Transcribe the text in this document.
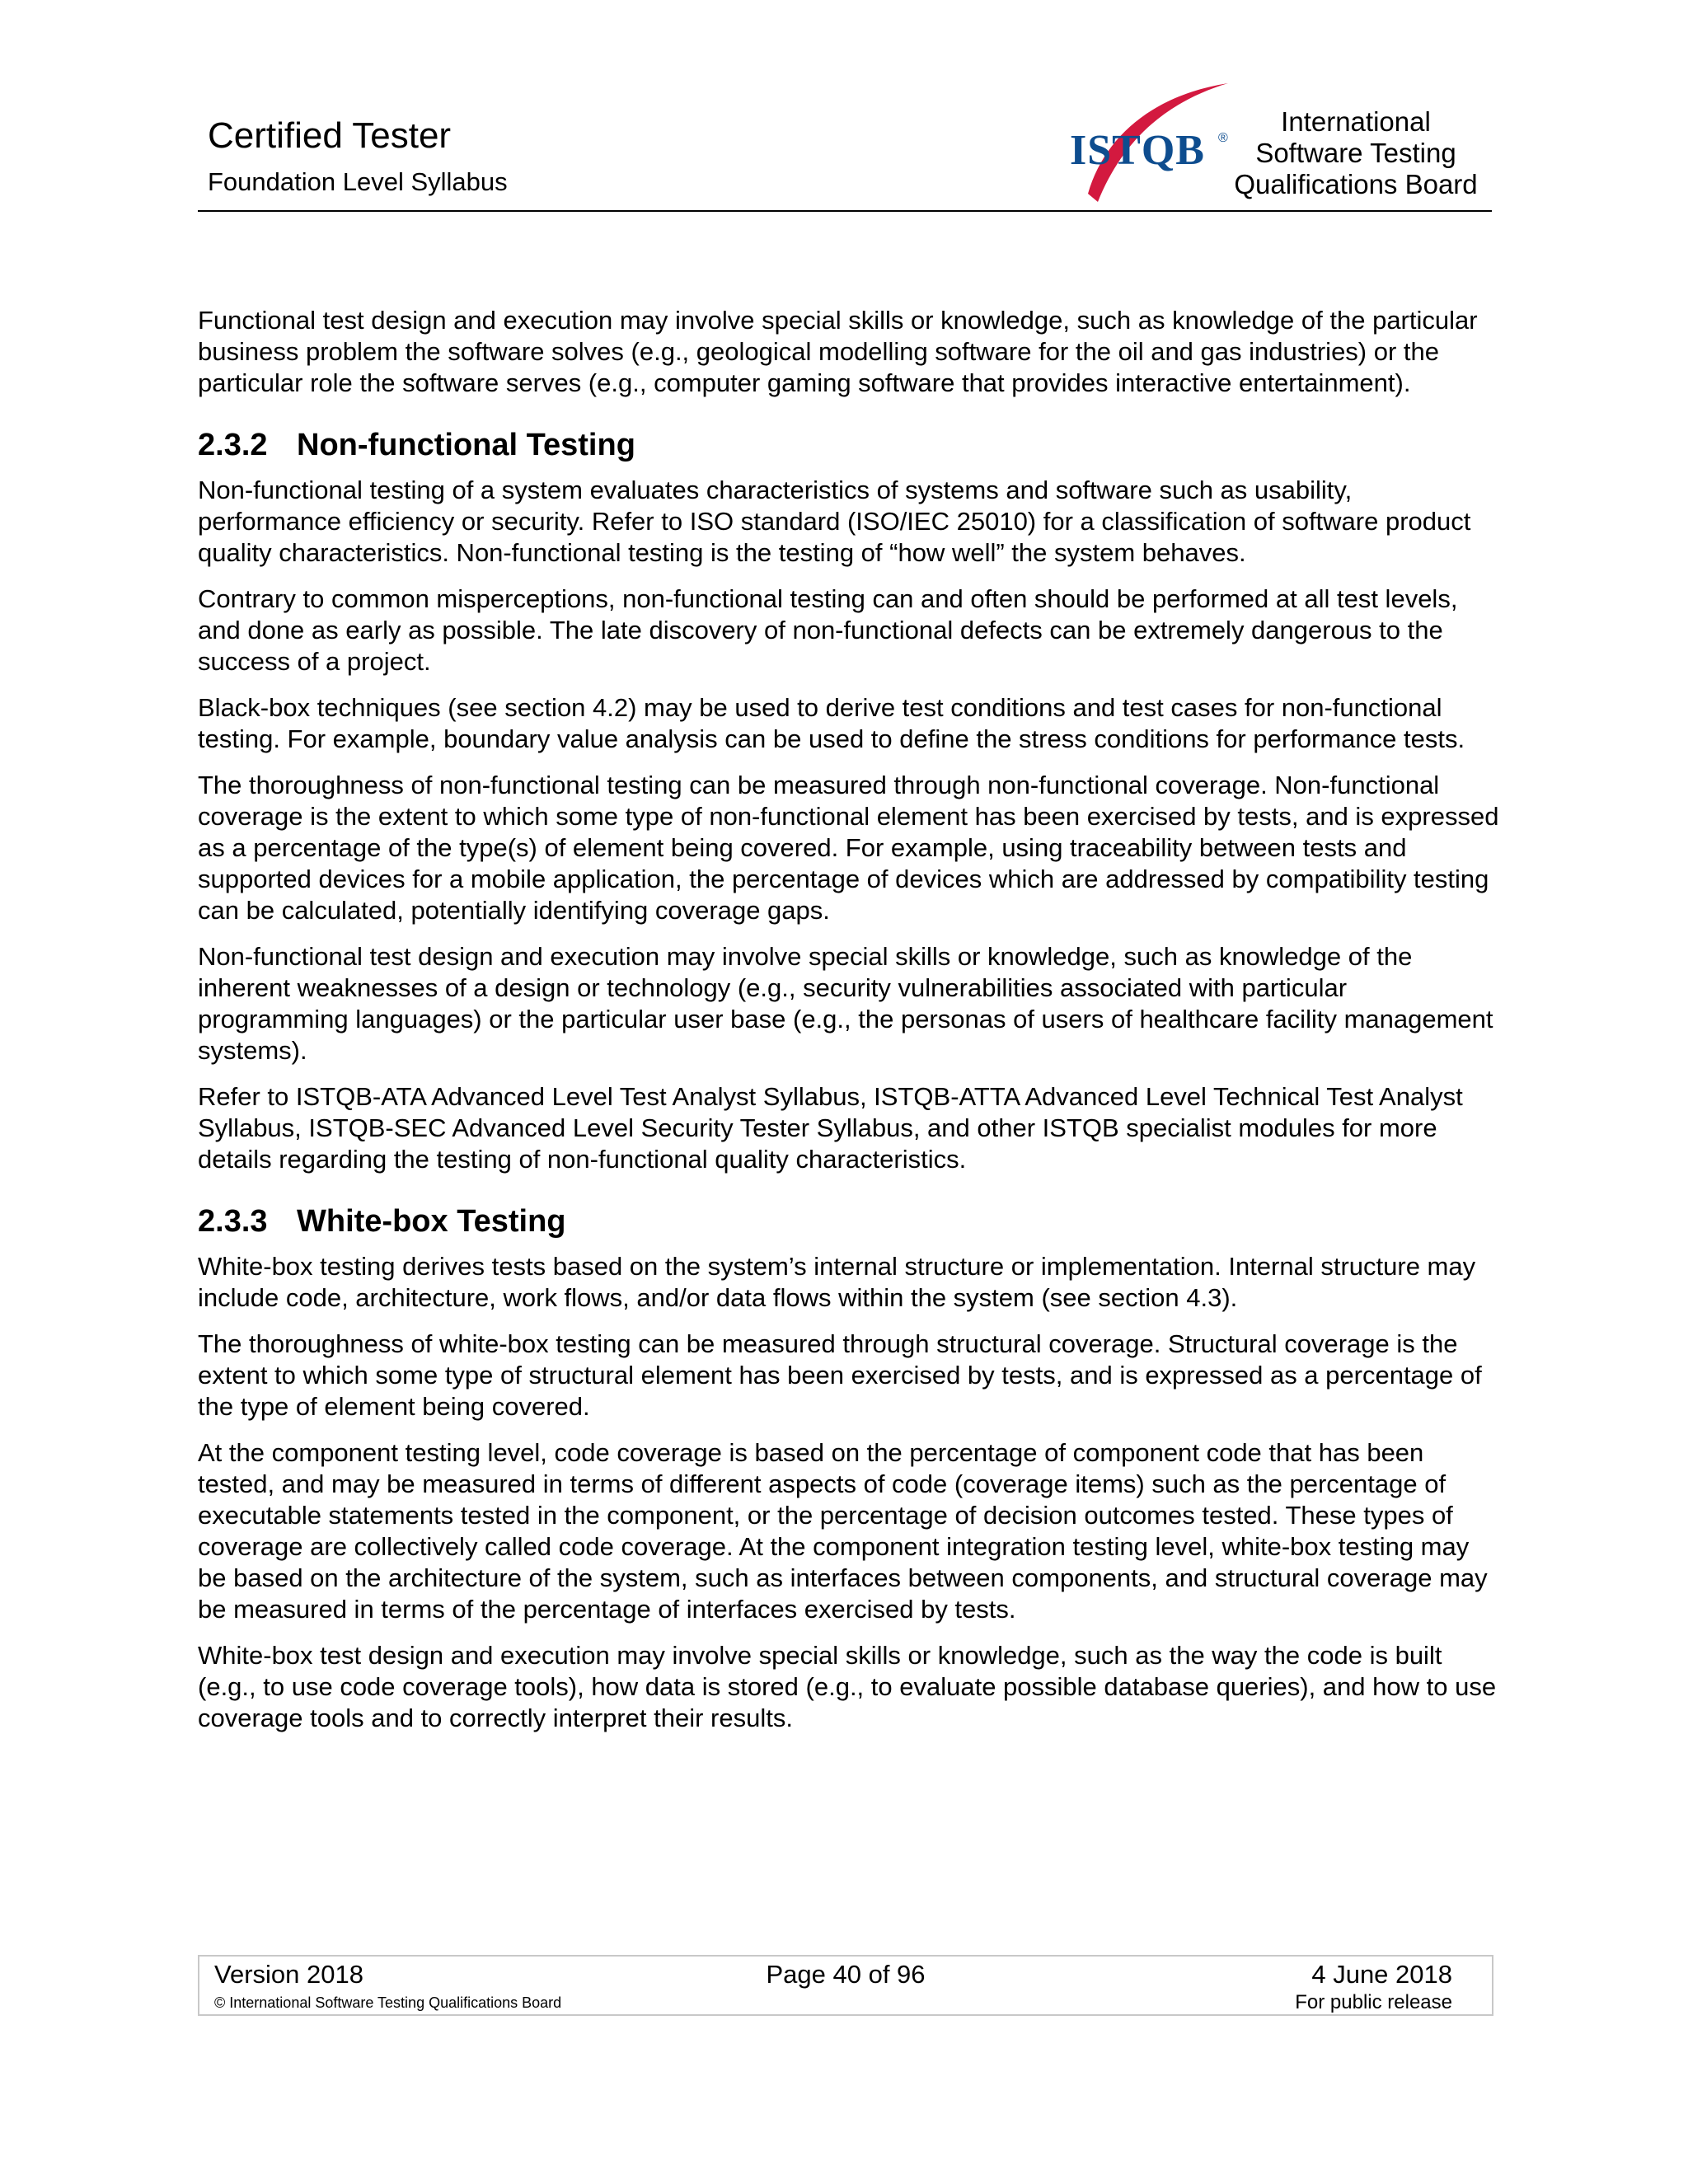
Certified Tester
Foundation Level Syllabus
ISTQB ®
International
Software Testing
Qualifications Board

Functional test design and execution may involve special skills or knowledge, such as knowledge of the particular business problem the software solves (e.g., geological modelling software for the oil and gas industries) or the particular role the software serves (e.g., computer gaming software that provides interactive entertainment).

2.3.2 Non-functional Testing

Non-functional testing of a system evaluates characteristics of systems and software such as usability, performance efficiency or security. Refer to ISO standard (ISO/IEC 25010) for a classification of software product quality characteristics. Non-functional testing is the testing of “how well” the system behaves.

Contrary to common misperceptions, non-functional testing can and often should be performed at all test levels, and done as early as possible. The late discovery of non-functional defects can be extremely dangerous to the success of a project.

Black-box techniques (see section 4.2) may be used to derive test conditions and test cases for non-functional testing. For example, boundary value analysis can be used to define the stress conditions for performance tests.

The thoroughness of non-functional testing can be measured through non-functional coverage. Non-functional coverage is the extent to which some type of non-functional element has been exercised by tests, and is expressed as a percentage of the type(s) of element being covered. For example, using traceability between tests and supported devices for a mobile application, the percentage of devices which are addressed by compatibility testing can be calculated, potentially identifying coverage gaps.

Non-functional test design and execution may involve special skills or knowledge, such as knowledge of the inherent weaknesses of a design or technology (e.g., security vulnerabilities associated with particular programming languages) or the particular user base (e.g., the personas of users of healthcare facility management systems).

Refer to ISTQB-ATA Advanced Level Test Analyst Syllabus, ISTQB-ATTA Advanced Level Technical Test Analyst Syllabus, ISTQB-SEC Advanced Level Security Tester Syllabus, and other ISTQB specialist modules for more details regarding the testing of non-functional quality characteristics.

2.3.3 White-box Testing

White-box testing derives tests based on the system’s internal structure or implementation. Internal structure may include code, architecture, work flows, and/or data flows within the system (see section 4.3).

The thoroughness of white-box testing can be measured through structural coverage. Structural coverage is the extent to which some type of structural element has been exercised by tests, and is expressed as a percentage of the type of element being covered.

At the component testing level, code coverage is based on the percentage of component code that has been tested, and may be measured in terms of different aspects of code (coverage items) such as the percentage of executable statements tested in the component, or the percentage of decision outcomes tested. These types of coverage are collectively called code coverage. At the component integration testing level, white-box testing may be based on the architecture of the system, such as interfaces between components, and structural coverage may be measured in terms of the percentage of interfaces exercised by tests.

White-box test design and execution may involve special skills or knowledge, such as the way the code is built (e.g., to use code coverage tools), how data is stored (e.g., to evaluate possible database queries), and how to use coverage tools and to correctly interpret their results.

Version 2018	Page 40 of 96	4 June 2018
© International Software Testing Qualifications Board	For public release
